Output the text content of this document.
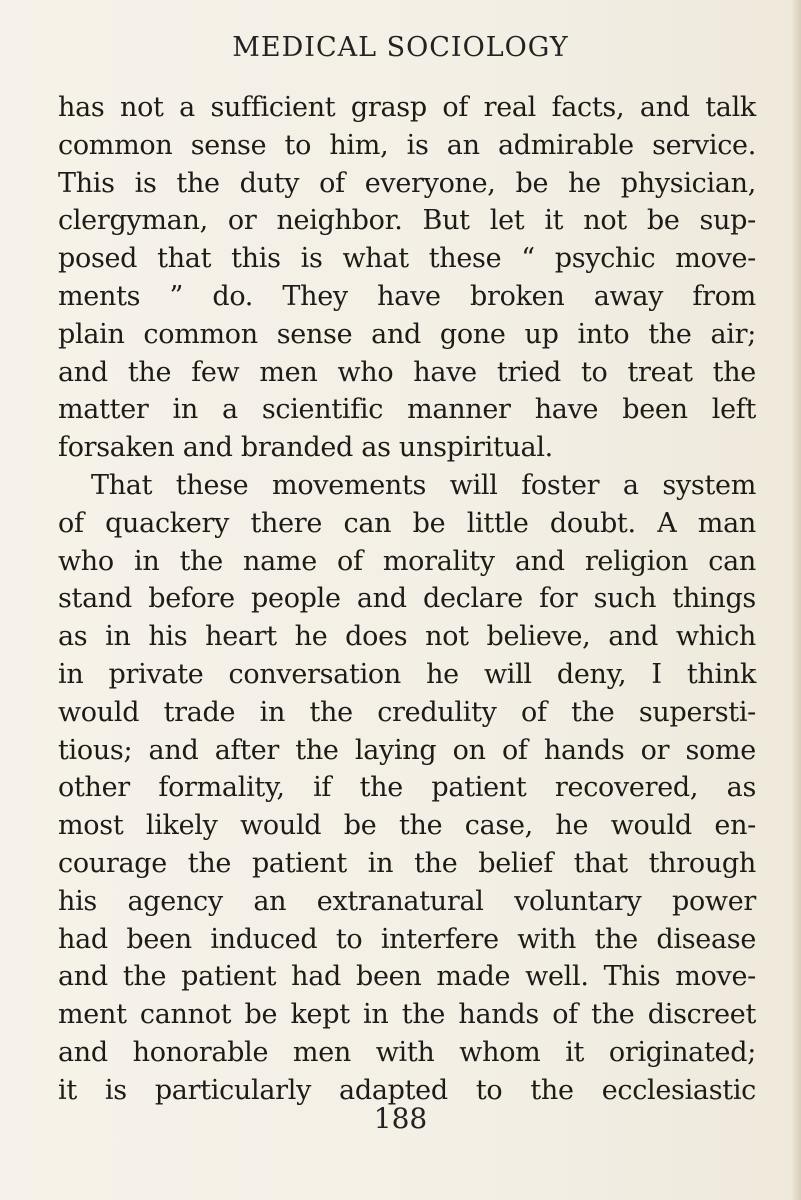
MEDICAL SOCIOLOGY
has not a sufficient grasp of real facts, and talk
common sense to him, is an admirable service.
This is the duty of everyone, be he physician,
clergyman, or neighbor. But let it not be sup-
posed that this is what these “ psychic move-
ments ” do. They have broken away from
plain common sense and gone up into the air;
and the few men who have tried to treat the
matter in a scientific manner have been left
forsaken and branded as unspiritual.
That these movements will foster a system
of quackery there can be little doubt. A man
who in the name of morality and religion can
stand before people and declare for such things
as in his heart he does not believe, and which
in private conversation he will deny, I think
would trade in the credulity of the supersti-
tious; and after the laying on of hands or some
other formality, if the patient recovered, as
most likely would be the case, he would en-
courage the patient in the belief that through
his agency an extranatural voluntary power
had been induced to interfere with the disease
and the patient had been made well. This move-
ment cannot be kept in the hands of the discreet
and honorable men with whom it originated;
it is particularly adapted to the ecclesiastic
188
